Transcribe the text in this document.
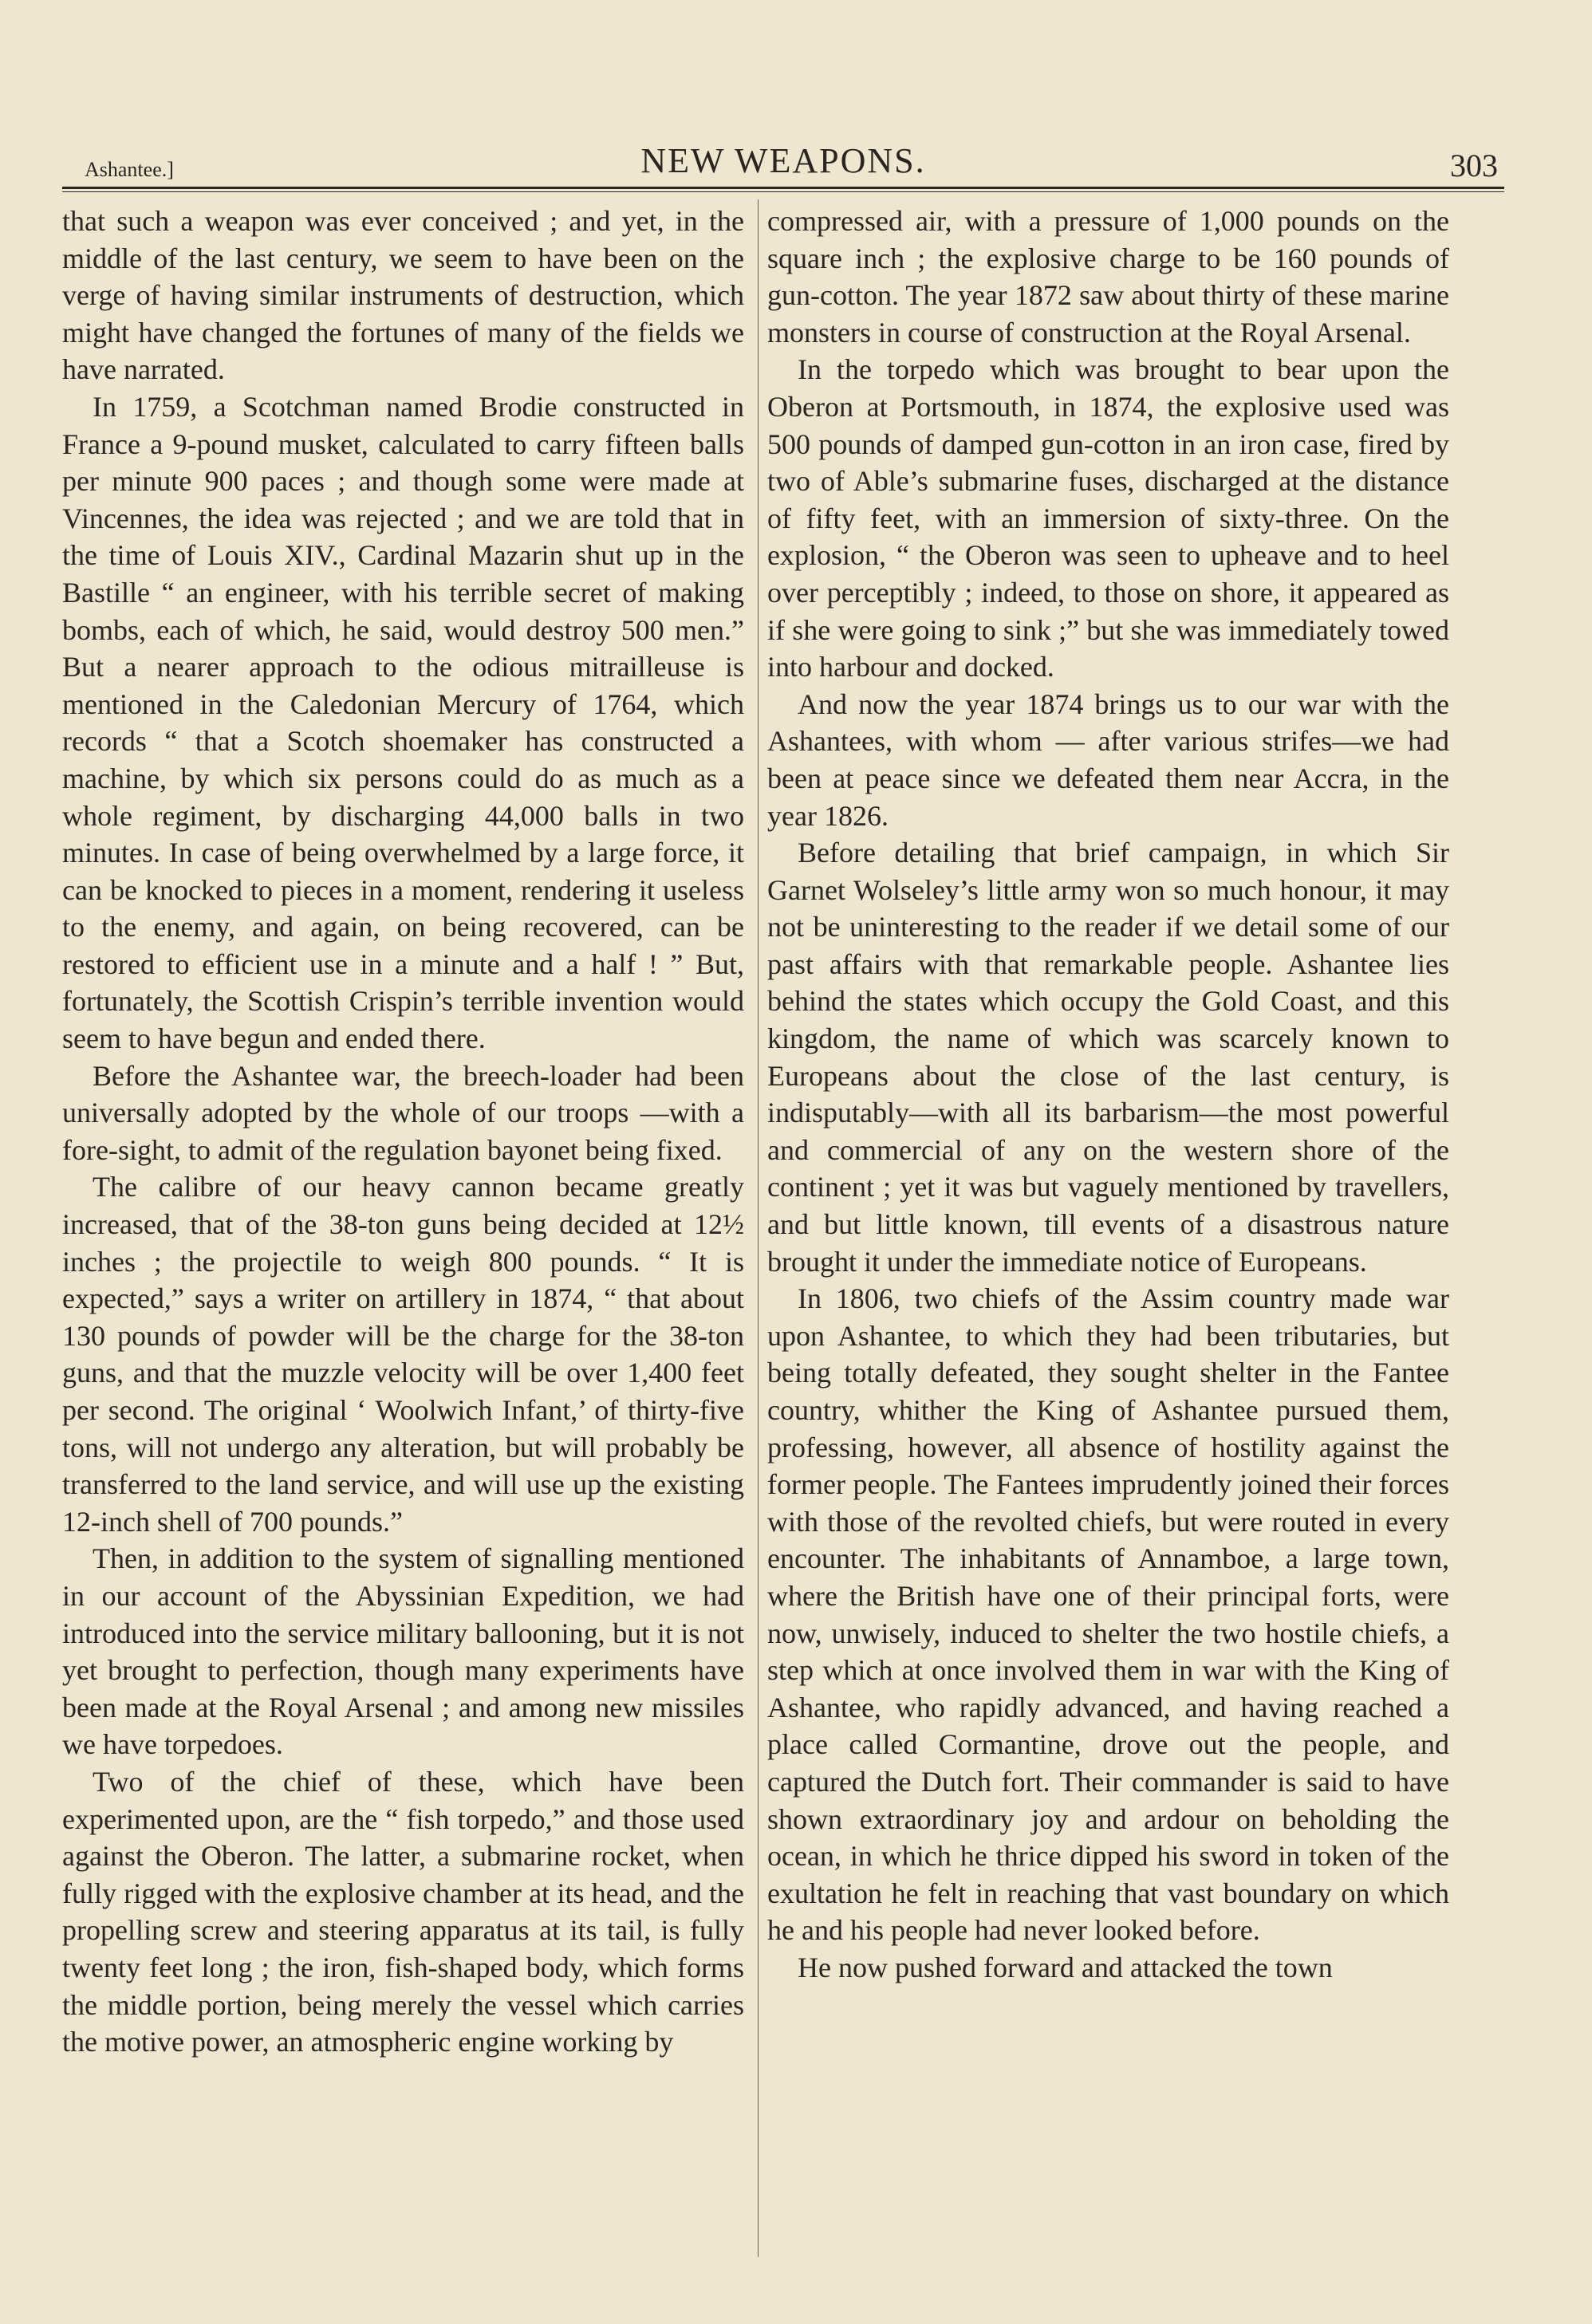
Ashantee.]	NEW WEAPONS.	303

that such a weapon was ever conceived ; and yet, in the middle of the last century, we seem to have been on the verge of having similar instruments of destruction, which might have changed the fortunes of many of the fields we have narrated.

In 1759, a Scotchman named Brodie constructed in France a 9-pound musket, calculated to carry fifteen balls per minute 900 paces ; and though some were made at Vincennes, the idea was rejected ; and we are told that in the time of Louis XIV., Cardinal Mazarin shut up in the Bastille “ an engineer, with his terrible secret of making bombs, each of which, he said, would destroy 500 men.” But a nearer approach to the odious mitrailleuse is mentioned in the Caledonian Mercury of 1764, which records “ that a Scotch shoemaker has constructed a machine, by which six persons could do as much as a whole regiment, by discharging 44,000 balls in two minutes. In case of being overwhelmed by a large force, it can be knocked to pieces in a moment, rendering it useless to the enemy, and again, on being recovered, can be restored to efficient use in a minute and a half ! ” But, fortunately, the Scottish Crispin’s terrible invention would seem to have begun and ended there.

Before the Ashantee war, the breech-loader had been universally adopted by the whole of our troops —with a fore-sight, to admit of the regulation bayonet being fixed.

The calibre of our heavy cannon became greatly increased, that of the 38-ton guns being decided at 12½ inches ; the projectile to weigh 800 pounds. “ It is expected,” says a writer on artillery in 1874, “ that about 130 pounds of powder will be the charge for the 38-ton guns, and that the muzzle velocity will be over 1,400 feet per second. The original ‘ Woolwich Infant,’ of thirty-five tons, will not undergo any alteration, but will probably be transferred to the land service, and will use up the existing 12-inch shell of 700 pounds.”

Then, in addition to the system of signalling mentioned in our account of the Abyssinian Expedition, we had introduced into the service military ballooning, but it is not yet brought to perfection, though many experiments have been made at the Royal Arsenal ; and among new missiles we have torpedoes.

Two of the chief of these, which have been experimented upon, are the “ fish torpedo,” and those used against the Oberon. The latter, a submarine rocket, when fully rigged with the explosive chamber at its head, and the propelling screw and steering apparatus at its tail, is fully twenty feet long ; the iron, fish-shaped body, which forms the middle portion, being merely the vessel which carries the motive power, an atmospheric engine working by

compressed air, with a pressure of 1,000 pounds on the square inch ; the explosive charge to be 160 pounds of gun-cotton. The year 1872 saw about thirty of these marine monsters in course of construction at the Royal Arsenal.

In the torpedo which was brought to bear upon the Oberon at Portsmouth, in 1874, the explosive used was 500 pounds of damped gun-cotton in an iron case, fired by two of Able’s submarine fuses, discharged at the distance of fifty feet, with an immersion of sixty-three. On the explosion, “ the Oberon was seen to upheave and to heel over perceptibly ; indeed, to those on shore, it appeared as if she were going to sink ;” but she was immediately towed into harbour and docked.

And now the year 1874 brings us to our war with the Ashantees, with whom — after various strifes—we had been at peace since we defeated them near Accra, in the year 1826.

Before detailing that brief campaign, in which Sir Garnet Wolseley’s little army won so much honour, it may not be uninteresting to the reader if we detail some of our past affairs with that remarkable people. Ashantee lies behind the states which occupy the Gold Coast, and this kingdom, the name of which was scarcely known to Europeans about the close of the last century, is indisputably—with all its barbarism—the most powerful and commercial of any on the western shore of the continent ; yet it was but vaguely mentioned by travellers, and but little known, till events of a disastrous nature brought it under the immediate notice of Europeans.

In 1806, two chiefs of the Assim country made war upon Ashantee, to which they had been tributaries, but being totally defeated, they sought shelter in the Fantee country, whither the King of Ashantee pursued them, professing, however, all absence of hostility against the former people. The Fantees imprudently joined their forces with those of the revolted chiefs, but were routed in every encounter. The inhabitants of Annamboe, a large town, where the British have one of their principal forts, were now, unwisely, induced to shelter the two hostile chiefs, a step which at once involved them in war with the King of Ashantee, who rapidly advanced, and having reached a place called Cormantine, drove out the people, and captured the Dutch fort. Their commander is said to have shown extraordinary joy and ardour on beholding the ocean, in which he thrice dipped his sword in token of the exultation he felt in reaching that vast boundary on which he and his people had never looked before.

He now pushed forward and attacked the town
